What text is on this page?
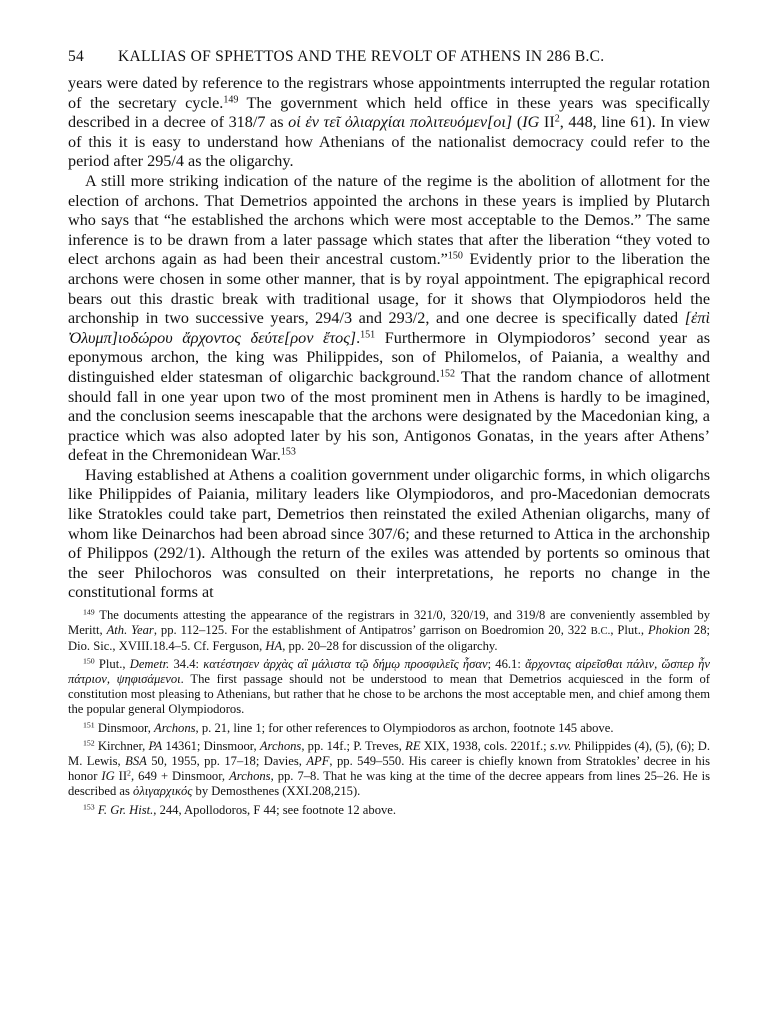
54	KALLIAS OF SPHETTOS AND THE REVOLT OF ATHENS IN 286 B.C.

years were dated by reference to the registrars whose appointments interrupted the regular rotation of the secretary cycle.$^{149}$ The government which held office in these years was specifically described in a decree of 318/7 as οἱ ἐν τεῖ ὀλιαρχίαι πολιτευόμεν[οι] (IG $II^2$, 448, line 61). In view of this it is easy to understand how Athenians of the nationalist democracy could refer to the period after 295/4 as the oligarchy.

A still more striking indication of the nature of the regime is the abolition of allotment for the election of archons. That Demetrios appointed the archons in these years is implied by Plutarch who says that “he established the archons which were most acceptable to the Demos.” The same inference is to be drawn from a later passage which states that after the liberation “they voted to elect archons again as had been their ancestral custom.”$^{150}$ Evidently prior to the liberation the archons were chosen in some other manner, that is by royal appointment. The epigraphical record bears out this drastic break with traditional usage, for it shows that Olympiodoros held the archonship in two successive years, 294/3 and 293/2, and one decree is specifically dated [ἐπὶ Ὀλυμπ]ιοδώρου ἄρχοντος δεύτε[ρον ἔτος].$^{151}$ Furthermore in Olympiodoros’ second year as eponymous archon, the king was Philippides, son of Philomelos, of Paiania, a wealthy and distinguished elder statesman of oligarchic background.$^{152}$ That the random chance of allotment should fall in one year upon two of the most prominent men in Athens is hardly to be imagined, and the conclusion seems inescapable that the archons were designated by the Macedonian king, a practice which was also adopted later by his son, Antigonos Gonatas, in the years after Athens’ defeat in the Chremonidean War.$^{153}$

Having established at Athens a coalition government under oligarchic forms, in which oligarchs like Philippides of Paiania, military leaders like Olympiodoros, and pro-Macedonian democrats like Stratokles could take part, Demetrios then reinstated the exiled Athenian oligarchs, many of whom like Deinarchos had been abroad since 307/6; and these returned to Attica in the archonship of Philippos (292/1). Although the return of the exiles was attended by portents so ominous that the seer Philochoros was consulted on their interpretations, he reports no change in the constitutional forms at

$^{149}$ The documents attesting the appearance of the registrars in 321/0, 320/19, and 319/8 are conveniently assembled by Meritt, Ath. Year, pp. 112–125. For the establishment of Antipatros’ garrison on Boedromion 20, 322 B.C., Plut., Phokion 28; Dio. Sic., XVIII.18.4–5. Cf. Ferguson, HA, pp. 20–28 for discussion of the oligarchy.

$^{150}$ Plut., Demetr. 34.4: κατέστησεν ἀρχὰς αἳ μάλιστα τῷ δήμῳ προσφιλεῖς ἦσαν; 46.1: ἄρχοντας αἱρεῖσθαι πάλιν, ὥσπερ ἦν πάτριον, ψηφισάμενοι. The first passage should not be understood to mean that Demetrios acquiesced in the form of constitution most pleasing to Athenians, but rather that he chose to be archons the most acceptable men, and chief among them the popular general Olympiodoros.

$^{151}$ Dinsmoor, Archons, p. 21, line 1; for other references to Olympiodoros as archon, footnote 145 above.

$^{152}$ Kirchner, PA 14361; Dinsmoor, Archons, pp. 14f.; P. Treves, RE XIX, 1938, cols. 2201f.; s.vv. Philippides (4), (5), (6); D. M. Lewis, BSA 50, 1955, pp. 17–18; Davies, APF, pp. 549–550. His career is chiefly known from Stratokles’ decree in his honor IG $II^2$, 649 + Dinsmoor, Archons, pp. 7–8. That he was king at the time of the decree appears from lines 25–26. He is described as ὀλιγαρχικός by Demosthenes (XXI.208,215).

$^{153}$ F. Gr. Hist., 244, Apollodoros, F 44; see footnote 12 above.
